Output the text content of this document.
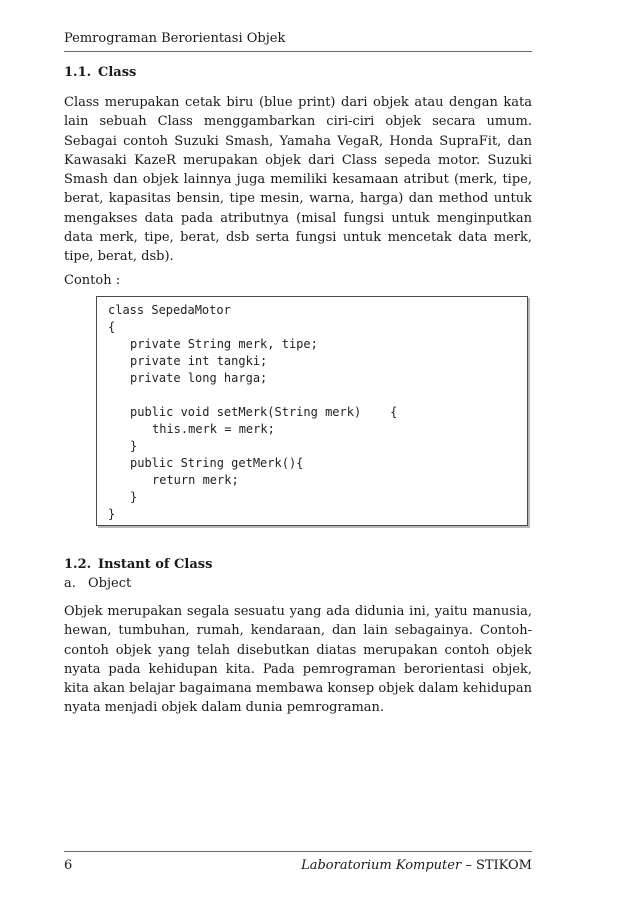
Pemrograman Berorientasi Objek
1.1. Class
Class merupakan cetak biru (blue print) dari objek atau dengan kata lain sebuah Class menggambarkan ciri-ciri objek secara umum. Sebagai contoh Suzuki Smash, Yamaha VegaR, Honda SupraFit, dan Kawasaki KazeR merupakan objek dari Class sepeda motor. Suzuki Smash dan objek lainnya juga memiliki kesamaan atribut (merk, tipe, berat, kapasitas bensin, tipe mesin, warna, harga) dan method untuk mengakses data pada atributnya (misal fungsi untuk menginputkan data merk, tipe, berat, dsb serta fungsi untuk mencetak data merk, tipe, berat, dsb).
Contoh :
class SepedaMotor
{
private String merk, tipe;
private int tangki;
private long harga;
public void setMerk(String merk)    {
this.merk = merk;
}
public String getMerk(){
return merk;
}
}
1.2. Instant of Class
a. Object
Objek merupakan segala sesuatu yang ada didunia ini, yaitu manusia, hewan, tumbuhan, rumah, kendaraan, dan lain sebagainya. Contoh-contoh objek yang telah disebutkan diatas merupakan contoh objek nyata pada kehidupan kita. Pada pemrograman berorientasi objek, kita akan belajar bagaimana membawa konsep objek dalam kehidupan nyata menjadi objek dalam dunia pemrograman.
6	Laboratorium Komputer – STIKOM
